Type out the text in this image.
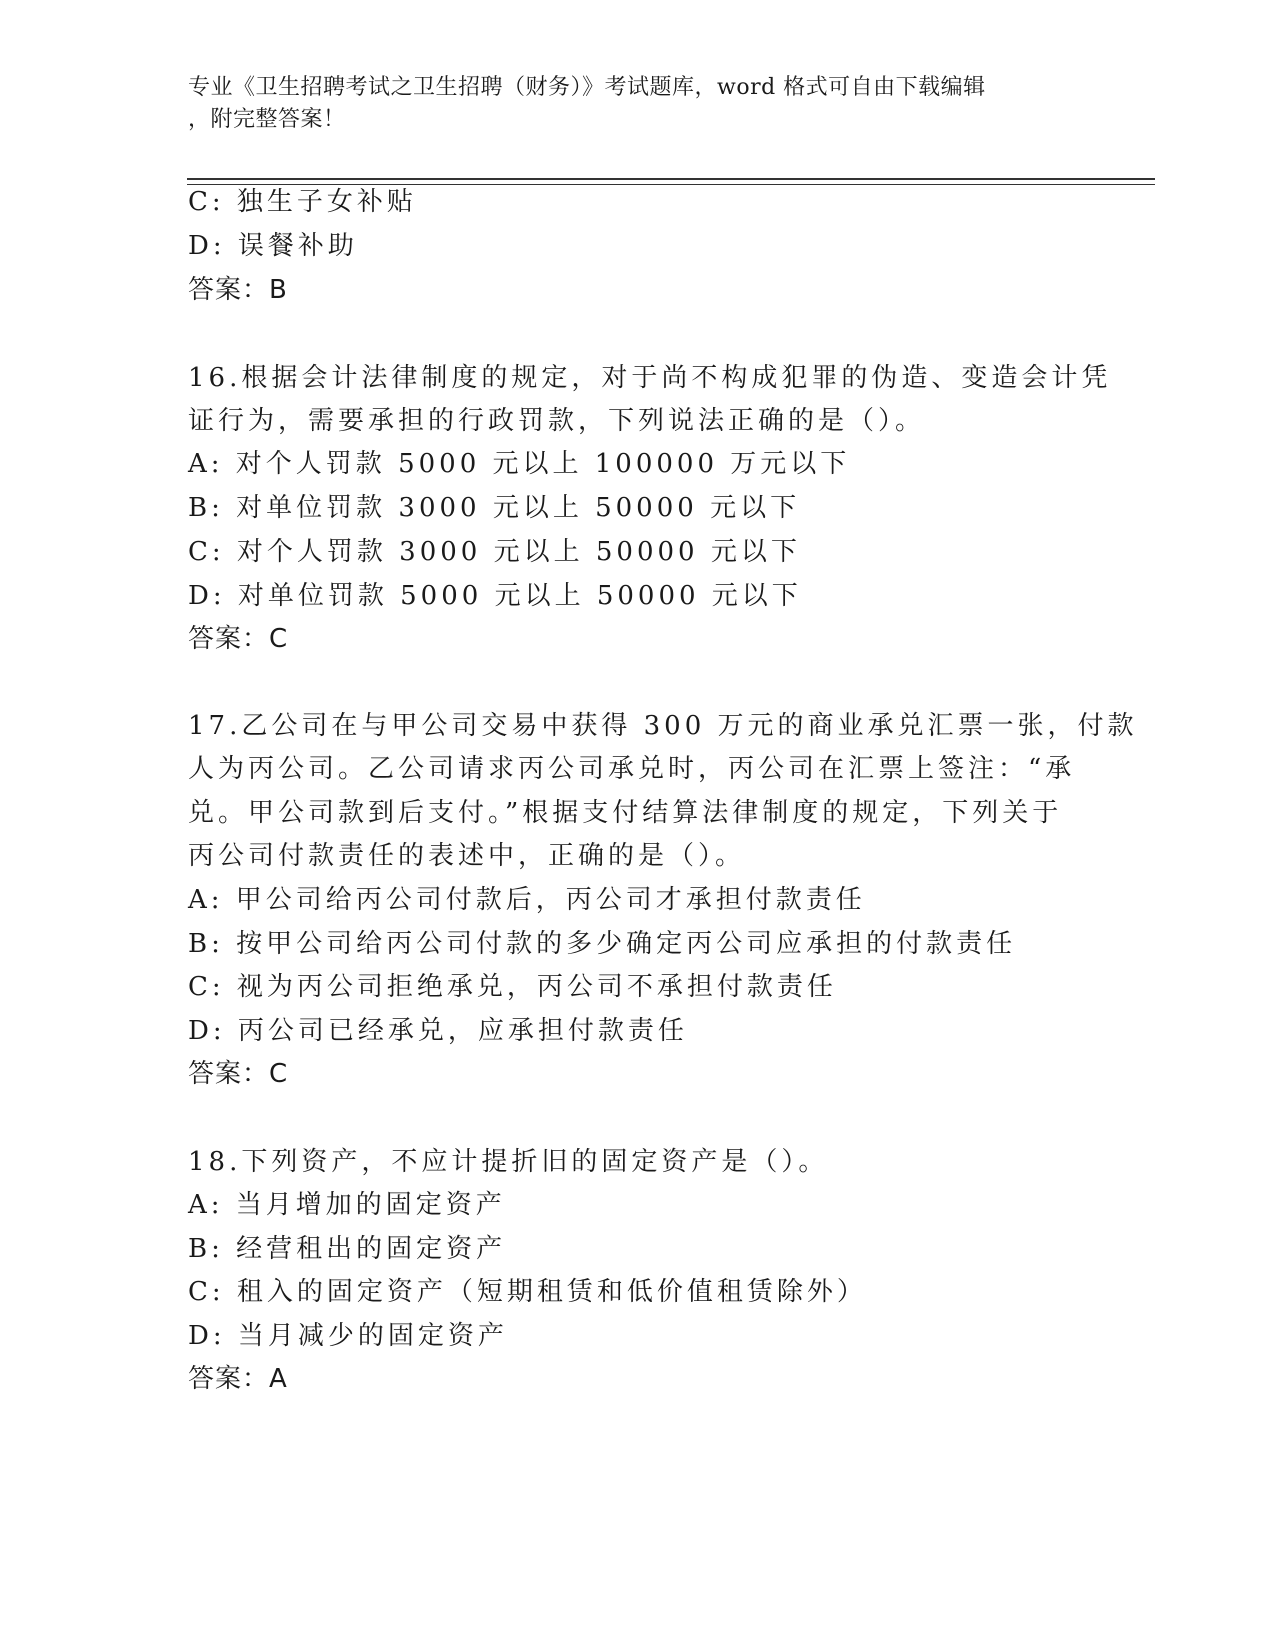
专业《卫生招聘考试之卫生招聘（财务）》考试题库，word 格式可自由下载编辑
，附完整答案！
C: 独生子女补贴
D: 误餐补助
答案：B
16.根据会计法律制度的规定，对于尚不构成犯罪的伪造、变造会计凭
证行为，需要承担的行政罚款，下列说法正确的是（）。
A: 对个人罚款 5000 元以上 100000 万元以下
B: 对单位罚款 3000 元以上 50000 元以下
C: 对个人罚款 3000 元以上 50000 元以下
D: 对单位罚款 5000 元以上 50000 元以下
答案：C
17.乙公司在与甲公司交易中获得 300 万元的商业承兑汇票一张，付款
人为丙公司。乙公司请求丙公司承兑时，丙公司在汇票上签注：“承
兑。甲公司款到后支付。”根据支付结算法律制度的规定，下列关于
丙公司付款责任的表述中，正确的是（）。
A: 甲公司给丙公司付款后，丙公司才承担付款责任
B: 按甲公司给丙公司付款的多少确定丙公司应承担的付款责任
C: 视为丙公司拒绝承兑，丙公司不承担付款责任
D: 丙公司已经承兑，应承担付款责任
答案：C
18.下列资产，不应计提折旧的固定资产是（）。
A: 当月增加的固定资产
B: 经营租出的固定资产
C: 租入的固定资产（短期租赁和低价值租赁除外）
D: 当月减少的固定资产
答案：A
